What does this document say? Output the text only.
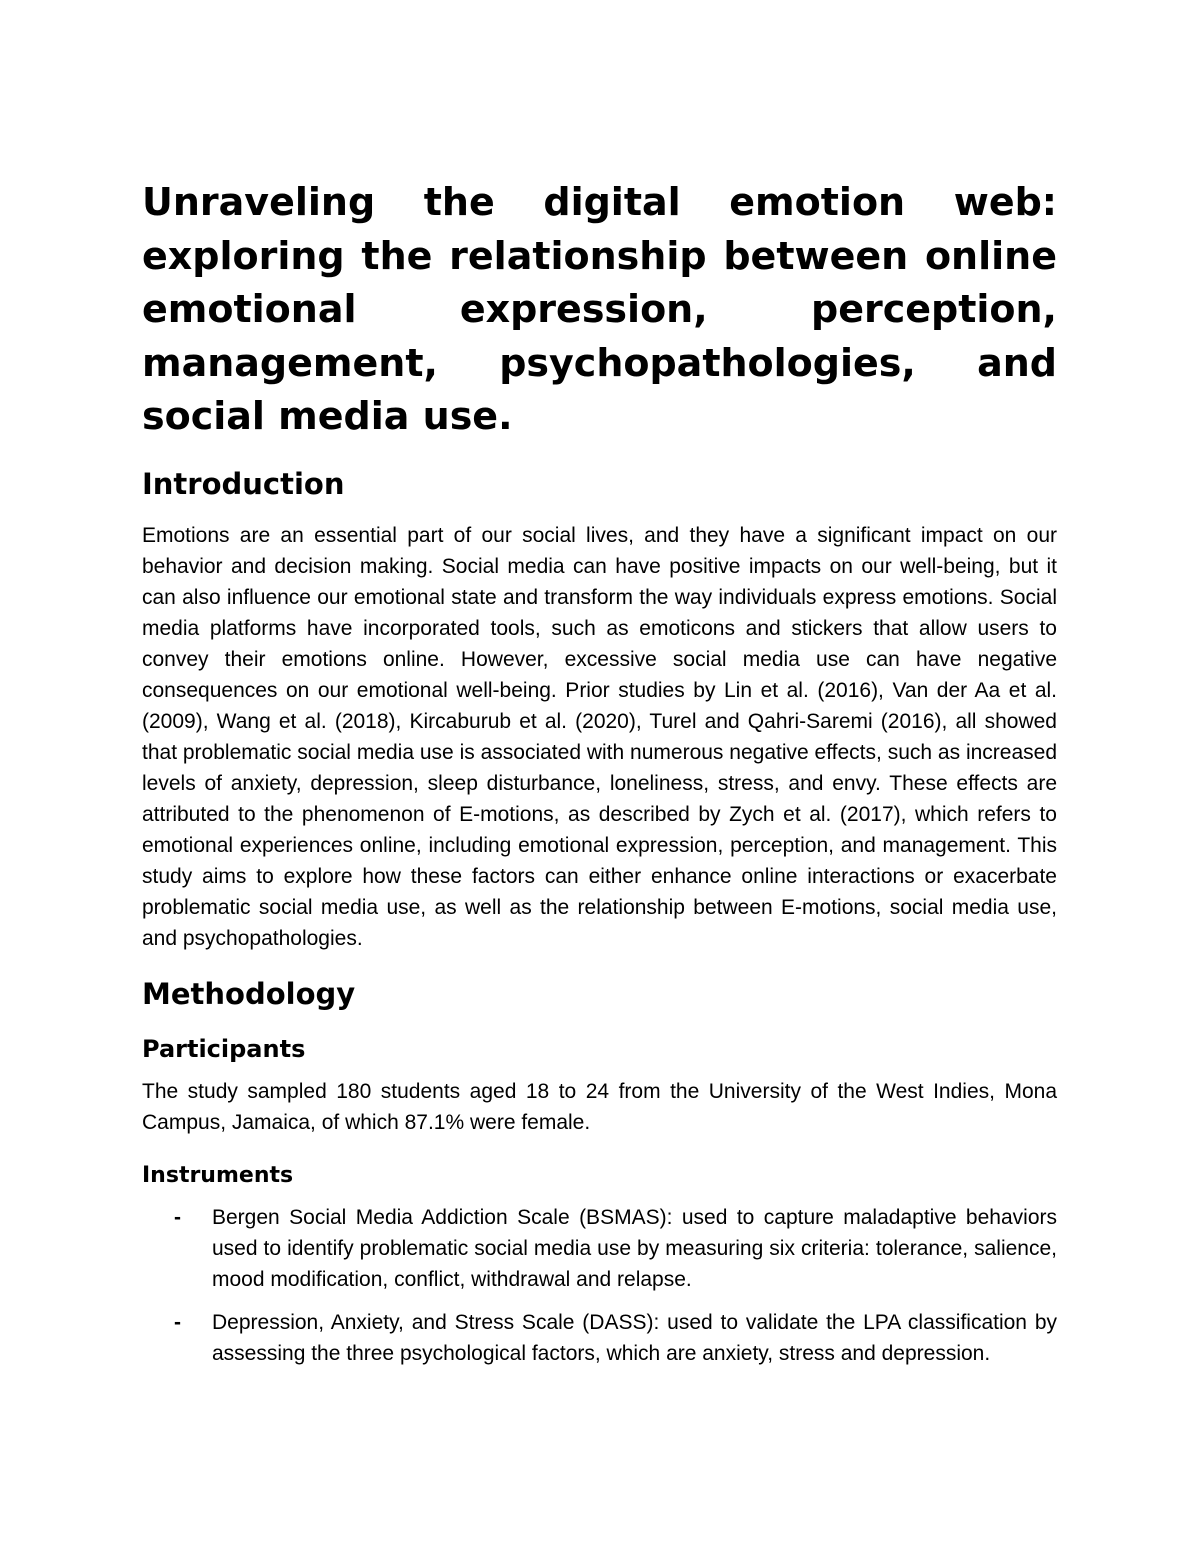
Unraveling the digital emotion web: exploring the relationship between online emotional expression, perception, management, psychopathologies, and social media use.
Introduction

Emotions are an essential part of our social lives, and they have a significant impact on our behavior and decision making. Social media can have positive impacts on our well-being, but it can also influence our emotional state and transform the way individuals express emotions. Social media platforms have incorporated tools, such as emoticons and stickers that allow users to convey their emotions online. However, excessive social media use can have negative consequences on our emotional well-being. Prior studies by Lin et al. (2016), Van der Aa et al. (2009), Wang et al. (2018), Kircaburub et al. (2020), Turel and Qahri-Saremi (2016), all showed that problematic social media use is associated with numerous negative effects, such as increased levels of anxiety, depression, sleep disturbance, loneliness, stress, and envy. These effects are attributed to the phenomenon of E-motions, as described by Zych et al. (2017), which refers to emotional experiences online, including emotional expression, perception, and management. This study aims to explore how these factors can either enhance online interactions or exacerbate problematic social media use, as well as the relationship between E-motions, social media use, and psychopathologies.

Methodology
Participants

The study sampled 180 students aged 18 to 24 from the University of the West Indies, Mona Campus, Jamaica, of which 87.1% were female.

Instruments
- Bergen Social Media Addiction Scale (BSMAS): used to capture maladaptive behaviors used to identify problematic social media use by measuring six criteria: tolerance, salience, mood modification, conflict, withdrawal and relapse.

- Depression, Anxiety, and Stress Scale (DASS): used to validate the LPA classification by assessing the three psychological factors, which are anxiety, stress and depression.
